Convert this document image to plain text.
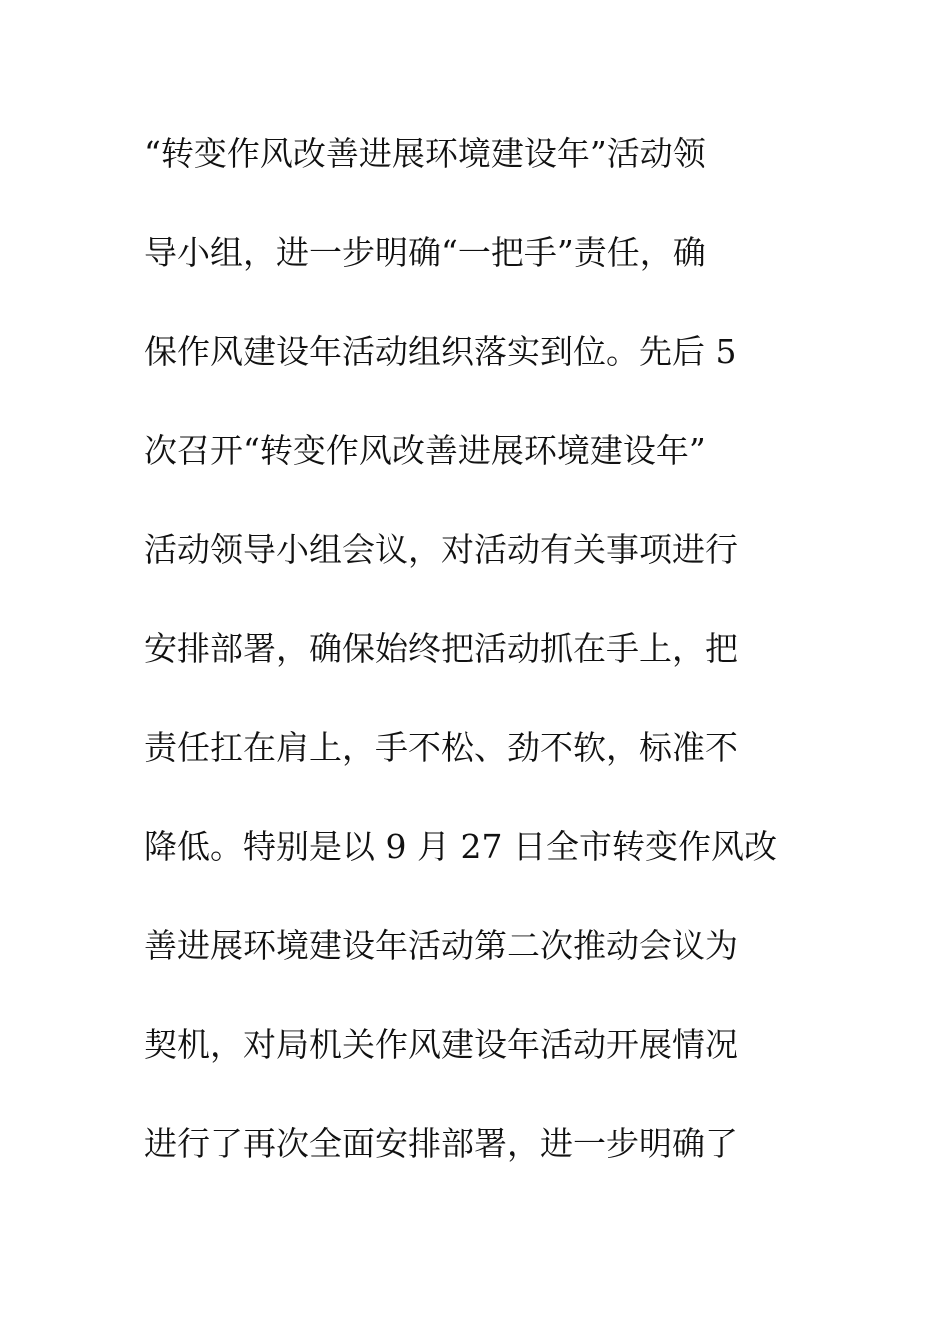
“转变作风改善进展环境建设年”活动领
导小组，进一步明确“一把手”责任，确
保作风建设年活动组织落实到位。先后 5
次召开“转变作风改善进展环境建设年”
活动领导小组会议，对活动有关事项进行
安排部署，确保始终把活动抓在手上，把
责任扛在肩上，手不松、劲不软，标准不
降低。特别是以 9 月 27 日全市转变作风改
善进展环境建设年活动第二次推动会议为
契机，对局机关作风建设年活动开展情况
进行了再次全面安排部署，进一步明确了
